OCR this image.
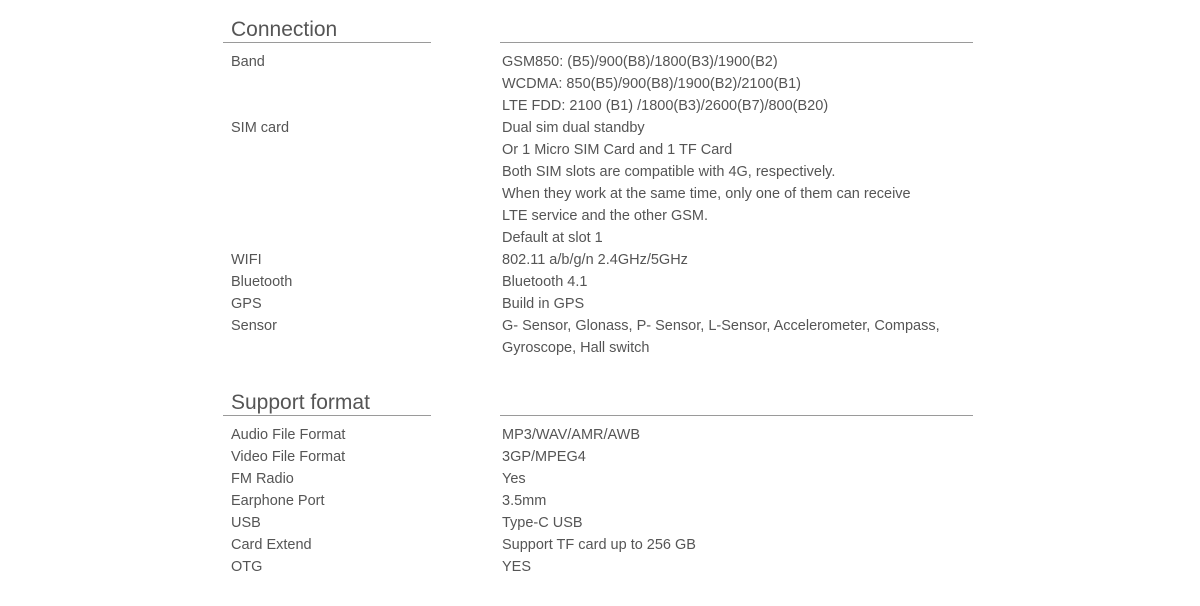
Connection
Band	GSM850: (B5)/900(B8)/1800(B3)/1900(B2)
WCDMA: 850(B5)/900(B8)/1900(B2)/2100(B1)
LTE FDD: 2100 (B1) /1800(B3)/2600(B7)/800(B20)
SIM card	Dual sim dual standby
Or 1 Micro SIM Card and 1 TF Card
Both SIM slots are compatible with 4G, respectively.
When they work at the same time, only one of them can receive
LTE service and the other GSM.
Default at slot 1
WIFI	802.11 a/b/g/n 2.4GHz/5GHz
Bluetooth	Bluetooth 4.1
GPS	Build in GPS
Sensor	G- Sensor, Glonass, P- Sensor, L-Sensor, Accelerometer, Compass,
Gyroscope, Hall switch
Support format
Audio File Format	MP3/WAV/AMR/AWB
Video File Format	3GP/MPEG4
FM Radio	Yes
Earphone Port	3.5mm
USB	Type-C USB
Card Extend	Support TF card up to 256 GB
OTG	YES
